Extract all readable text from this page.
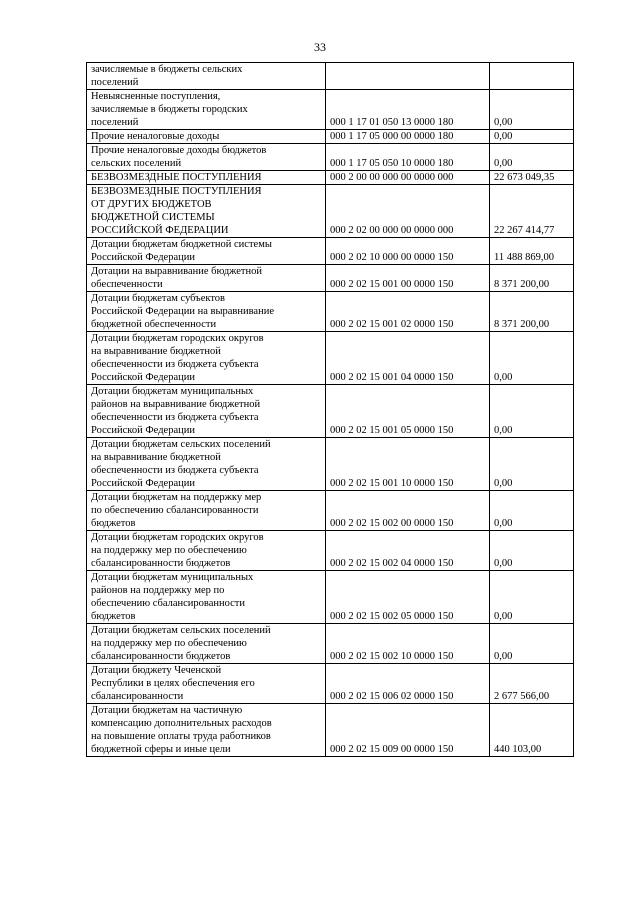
33
зачисляемые в бюджеты сельских
поселений		
Невыясненные поступления,
зачисляемые в бюджеты городских
поселений	000 1 17 01 050 13 0000 180	0,00
Прочие неналоговые доходы	000 1 17 05 000 00 0000 180	0,00
Прочие неналоговые доходы бюджетов
сельских поселений	000 1 17 05 050 10 0000 180	0,00
БЕЗВОЗМЕЗДНЫЕ ПОСТУПЛЕНИЯ	000 2 00 00 000 00 0000 000	22 673 049,35
БЕЗВОЗМЕЗДНЫЕ ПОСТУПЛЕНИЯ
ОТ ДРУГИХ БЮДЖЕТОВ
БЮДЖЕТНОЙ СИСТЕМЫ
РОССИЙСКОЙ ФЕДЕРАЦИИ	000 2 02 00 000 00 0000 000	22 267 414,77
Дотации бюджетам бюджетной системы
Российской Федерации	000 2 02 10 000 00 0000 150	11 488 869,00
Дотации на выравнивание бюджетной
обеспеченности	000 2 02 15 001 00 0000 150	8 371 200,00
Дотации бюджетам субъектов
Российской Федерации на выравнивание
бюджетной обеспеченности	000 2 02 15 001 02 0000 150	8 371 200,00
Дотации бюджетам городских округов
на выравнивание бюджетной
обеспеченности из бюджета субъекта
Российской Федерации	000 2 02 15 001 04 0000 150	0,00
Дотации бюджетам муниципальных
районов на выравнивание бюджетной
обеспеченности из бюджета субъекта
Российской Федерации	000 2 02 15 001 05 0000 150	0,00
Дотации бюджетам сельских поселений
на выравнивание бюджетной
обеспеченности из бюджета субъекта
Российской Федерации	000 2 02 15 001 10 0000 150	0,00
Дотации бюджетам на поддержку мер
по обеспечению сбалансированности
бюджетов	000 2 02 15 002 00 0000 150	0,00
Дотации бюджетам городских округов
на поддержку мер по обеспечению
сбалансированности бюджетов	000 2 02 15 002 04 0000 150	0,00
Дотации бюджетам муниципальных
районов на поддержку мер по
обеспечению сбалансированности
бюджетов	000 2 02 15 002 05 0000 150	0,00
Дотации бюджетам сельских поселений
на поддержку мер по обеспечению
сбалансированности бюджетов	000 2 02 15 002 10 0000 150	0,00
Дотации бюджету Чеченской
Республики в целях обеспечения его
сбалансированности	000 2 02 15 006 02 0000 150	2 677 566,00
Дотации бюджетам на частичную
компенсацию дополнительных расходов
на повышение оплаты труда работников
бюджетной сферы и иные цели	000 2 02 15 009 00 0000 150	440 103,00
